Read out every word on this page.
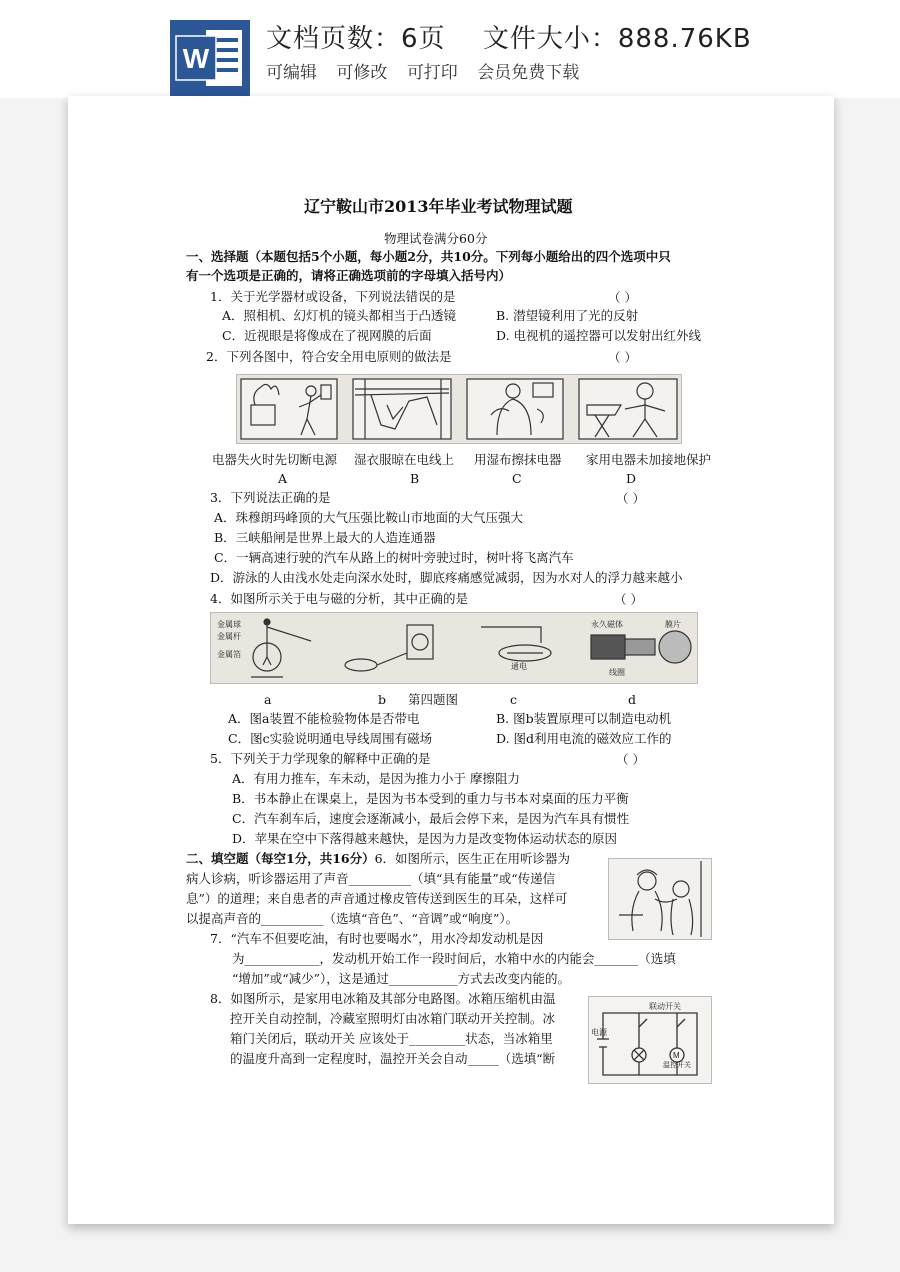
W
文档页数：6页 文件大小：888.76KB
可编辑 可修改 可打印 会员免费下载
辽宁鞍山市2013年毕业考试物理试题
物理试卷满分60分
一、选择题（本题包括5个小题，每小题2分，共10分。下列每小题给出的四个选项中只
有一个选项是正确的，请将正确选项前的字母填入括号内）
1．关于光学器材或设备，下列说法错误的是	（ ）
A．照相机、幻灯机的镜头都相当于凸透镜	B. 潜望镜利用了光的反射
C．近视眼是将像成在了视网膜的后面	D. 电视机的遥控器可以发射出红外线
2．下列各图中，符合安全用电原则的做法是	（ ）
电器失火时先切断电源 湿衣服晾在电线上 用湿布擦抹电器 家用电器未加接地保护
A	B	C	D
3．下列说法正确的是	（ ）
A．珠穆朗玛峰顶的大气压强比鞍山市地面的大气压强大
B．三峡船闸是世界上最大的人造连通器
C．一辆高速行驶的汽车从路上的树叶旁驶过时，树叶将飞离汽车
D．游泳的人由浅水处走向深水处时，脚底疼痛感觉减弱，因为水对人的浮力越来越小
4．如图所示关于电与磁的分析，其中正确的是	（ ）
金属球
金属杆
金属箔
通电
永久磁体	膜片
线圈
a	b 第四题图	c	d
A．图a装置不能检验物体是否带电	B. 图b装置原理可以制造电动机
C．图c实验说明通电导线周围有磁场	D. 图d利用电流的磁效应工作的
5．下列关于力学现象的解释中正确的是	（ ）
A．有用力推车，车未动，是因为推力小于 摩擦阻力
B．书本静止在课桌上，是因为书本受到的重力与书本对桌面的压力平衡
C．汽车刹车后，速度会逐渐减小，最后会停下来，是因为汽车具有惯性
D．苹果在空中下落得越来越快，是因为力是改变物体运动状态的原因
二、填空题（每空1分，共16分）6．如图所示，医生正在用听诊器为
病人诊病，听诊器运用了声音__________（填“具有能量”或“传递信
息”）的道理；来自患者的声音通过橡皮管传送到医生的耳朵，这样可
以提高声音的__________（选填“音色”、“音调”或“响度”）。
7．“汽车不但要吃油，有时也要喝水”，用水冷却发动机是因
为____________，发动机开始工作一段时间后，水箱中水的内能会_______（选填
“增加”或“减少”），这是通过___________方式去改变内能的。
8．如图所示，是家用电冰箱及其部分电路图。冰箱压缩机由温
控开关自动控制，冷藏室照明灯由冰箱门联动开关控制。冰
箱门关闭后，联动开关 应该处于_________状态，当冰箱里
的温度升高到一定程度时，温控开关会自动_____（选填“断
电源
联动开关
温控开关
M
